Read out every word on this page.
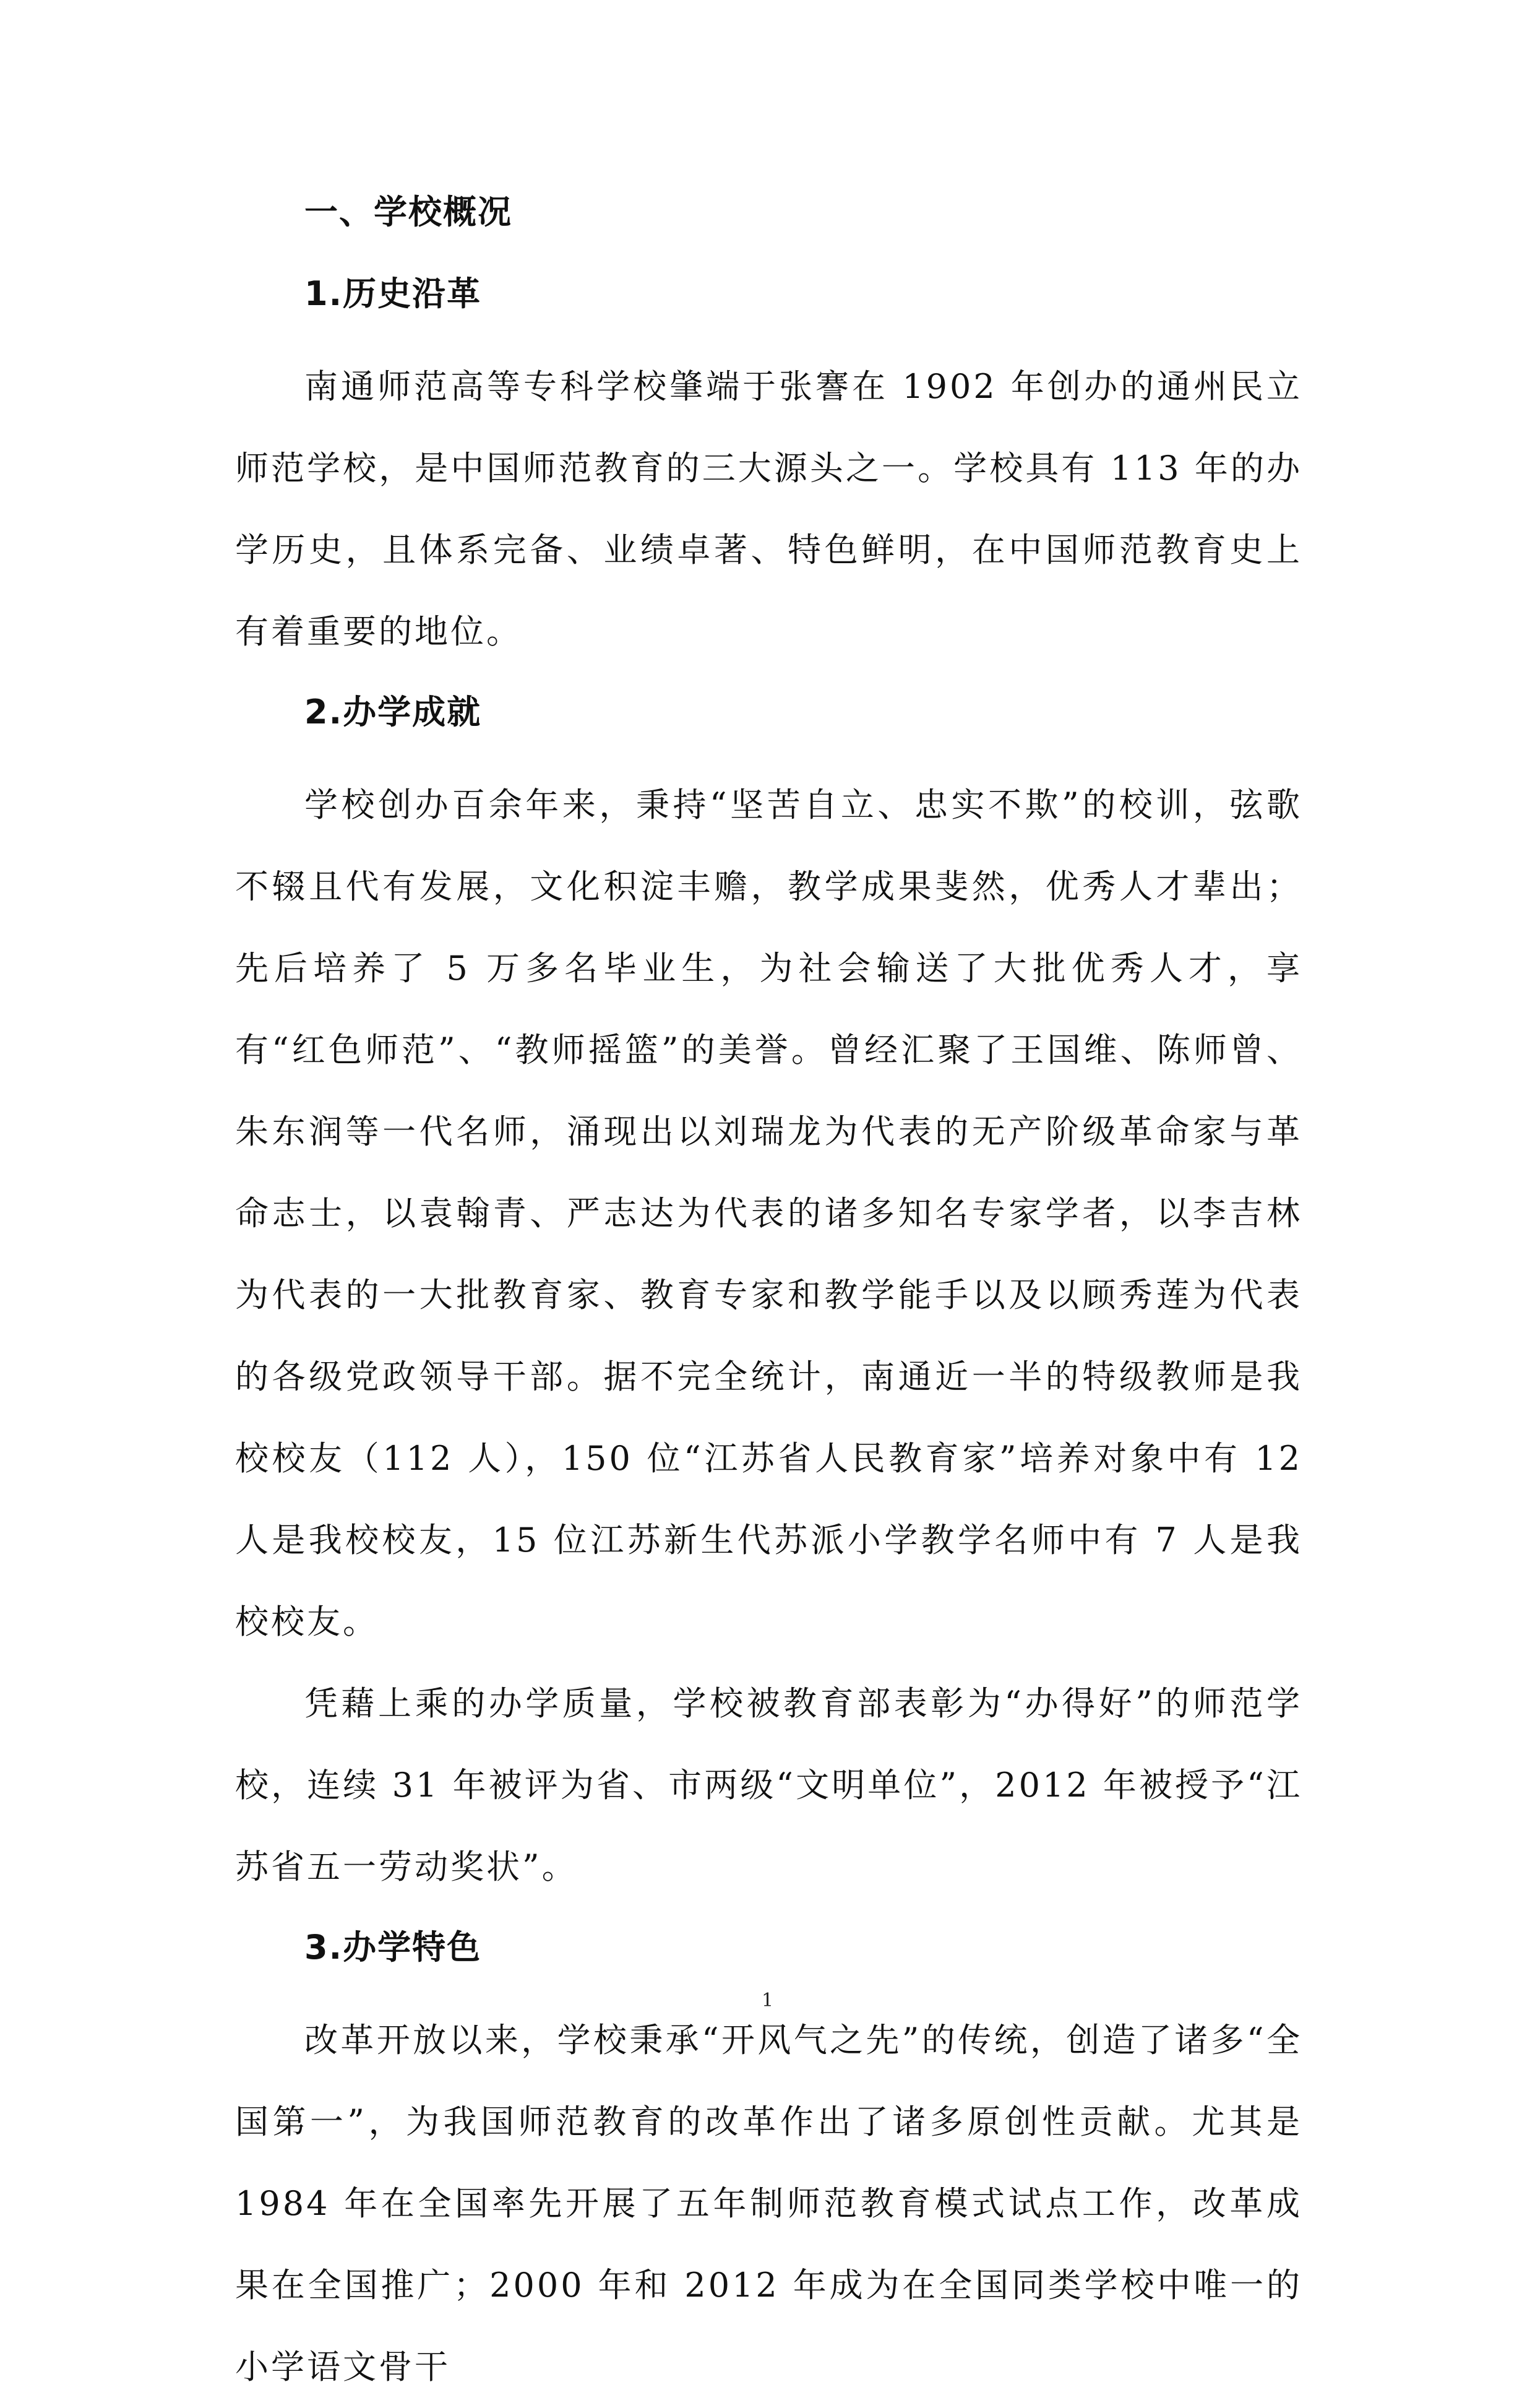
一、学校概况
1.历史沿革

南通师范高等专科学校肇端于张謇在 1902 年创办的通州民立师范学校，是中国师范教育的三大源头之一。学校具有 113 年的办学历史，且体系完备、业绩卓著、特色鲜明，在中国师范教育史上有着重要的地位。

2.办学成就

学校创办百余年来，秉持“坚苦自立、忠实不欺”的校训，弦歌不辍且代有发展，文化积淀丰赡，教学成果斐然，优秀人才辈出；先后培养了 5 万多名毕业生，为社会输送了大批优秀人才，享有“红色师范”、“教师摇篮”的美誉。曾经汇聚了王国维、陈师曾、朱东润等一代名师，涌现出以刘瑞龙为代表的无产阶级革命家与革命志士，以袁翰青、严志达为代表的诸多知名专家学者，以李吉林为代表的一大批教育家、教育专家和教学能手以及以顾秀莲为代表的各级党政领导干部。据不完全统计，南通近一半的特级教师是我校校友（112 人），150 位“江苏省人民教育家”培养对象中有 12 人是我校校友，15 位江苏新生代苏派小学教学名师中有 7 人是我校校友。

凭藉上乘的办学质量，学校被教育部表彰为“办得好”的师范学校，连续 31 年被评为省、市两级“文明单位”，2012 年被授予“江苏省五一劳动奖状”。

3.办学特色

改革开放以来，学校秉承“开风气之先”的传统，创造了诸多“全国第一”，为我国师范教育的改革作出了诸多原创性贡献。尤其是 1984 年在全国率先开展了五年制师范教育模式试点工作，改革成果在全国推广；2000 年和 2012 年成为在全国同类学校中唯一的小学语文骨干

1
